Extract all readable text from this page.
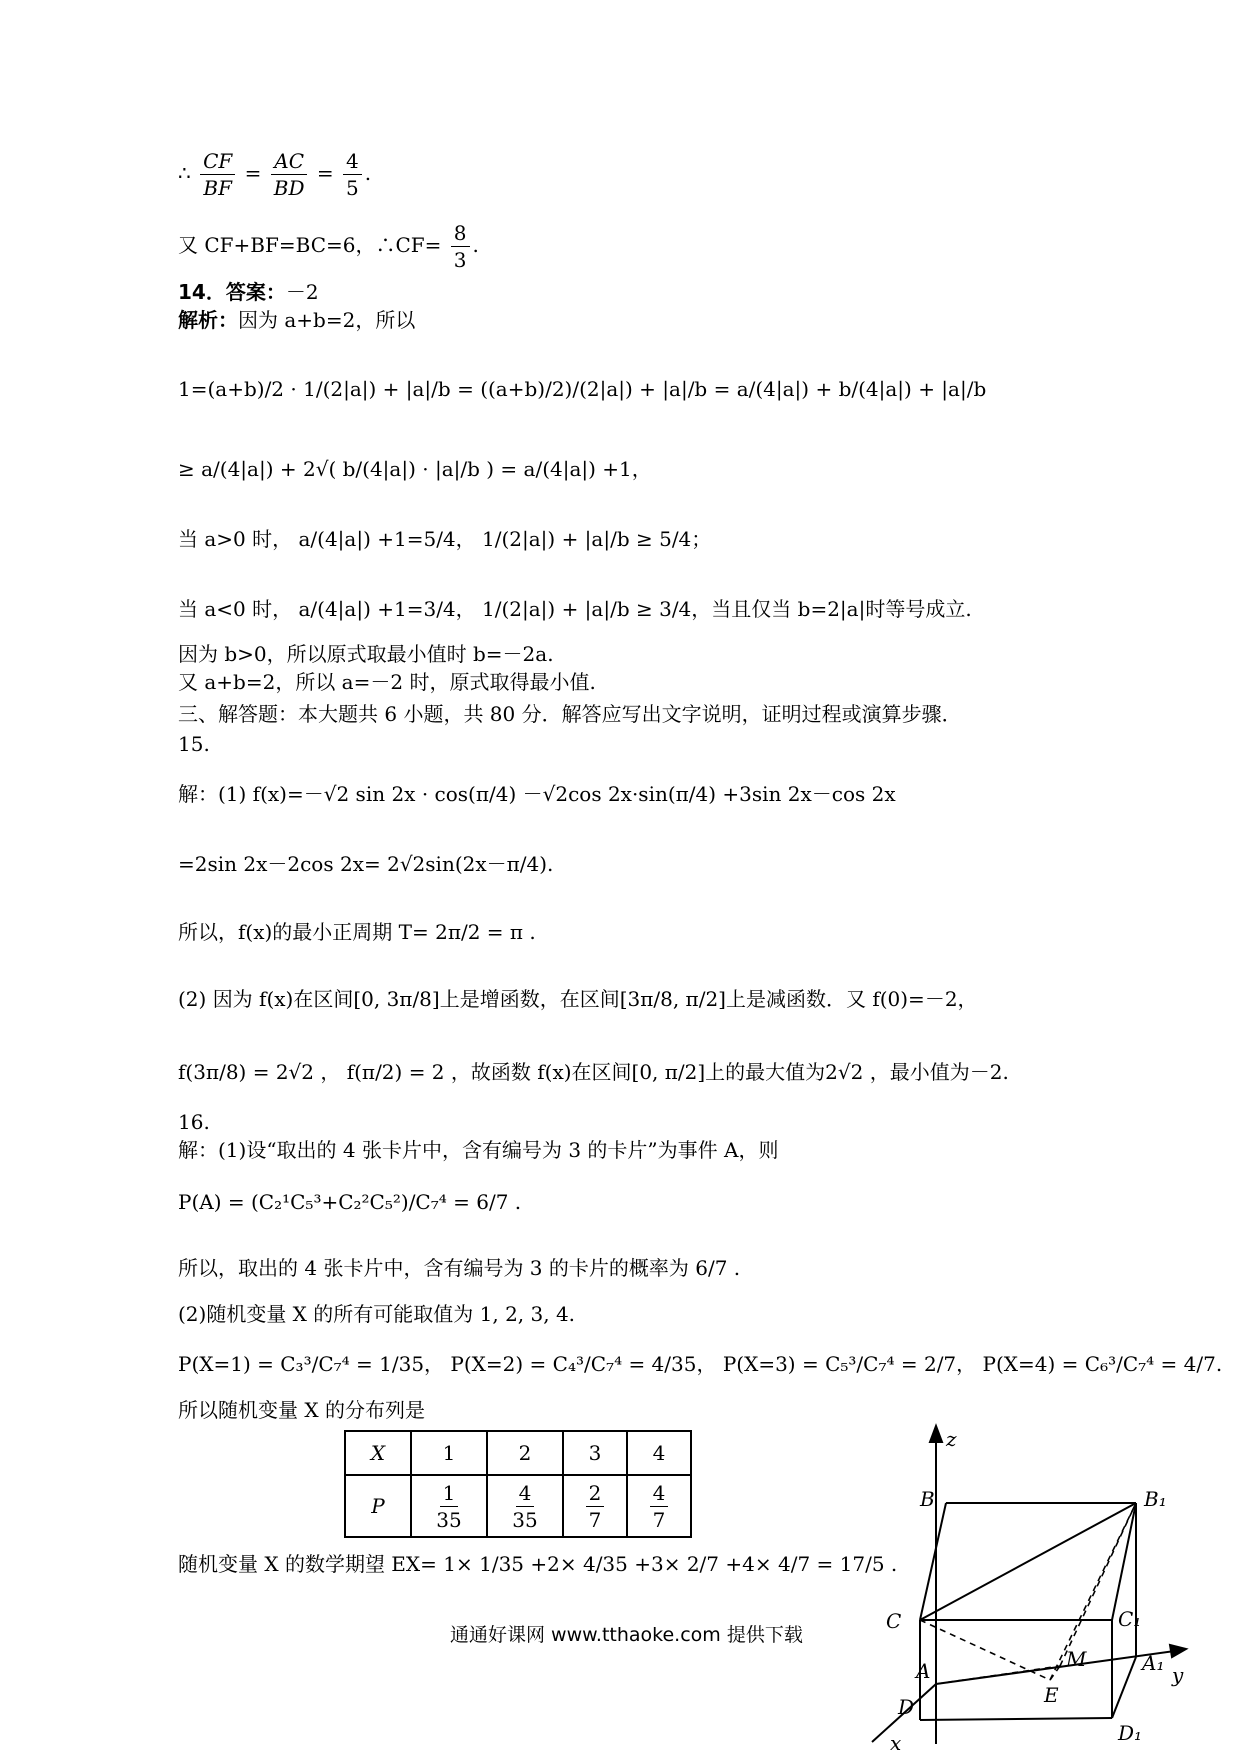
∴ $\frac{CF}{BF} = \frac{AC}{BD} = \frac{4}{5}$ .
又 CF+BF=BC=6，∴CF= $\frac{8}{3}$ .
14．答案：－2
解析：因为 a+b=2，所以
1=(a+b)/2 · 1/(2|a|) + |a|/b = ((a+b)/2)/(2|a|) + |a|/b = a/(4|a|) + b/(4|a|) + |a|/b
≥ a/(4|a|) + 2√( b/(4|a|) · |a|/b ) = a/(4|a|) +1，
当 a>0 时， a/(4|a|) +1=5/4， 1/(2|a|) + |a|/b ≥ 5/4；
当 a<0 时， a/(4|a|) +1=3/4， 1/(2|a|) + |a|/b ≥ 3/4，当且仅当 b=2|a|时等号成立.
因为 b>0，所以原式取最小值时 b=－2a.
又 a+b=2，所以 a=－2 时，原式取得最小值.
三、解答题：本大题共 6 小题，共 80 分．解答应写出文字说明，证明过程或演算步骤．
15.
解：(1) f(x)=－√2 sin 2x · cos(π/4) －√2cos 2x·sin(π/4) +3sin 2x－cos 2x
=2sin 2x－2cos 2x= 2√2sin(2x－π/4).
所以，f(x)的最小正周期 T= 2π/2 = π .
(2) 因为 f(x)在区间[0, 3π/8]上是增函数，在区间[3π/8, π/2]上是减函数．又 f(0)=－2，
f(3π/8) = 2√2 ， f(π/2) = 2 ，故函数 f(x)在区间[0, π/2]上的最大值为2√2 ，最小值为－2.
16.
解：(1)设“取出的 4 张卡片中，含有编号为 3 的卡片”为事件 A，则
P(A) = (C₂¹C₅³+C₂²C₅²)/C₇⁴ = 6/7 .
所以，取出的 4 张卡片中，含有编号为 3 的卡片的概率为 6/7 .
(2)随机变量 X 的所有可能取值为 1, 2, 3, 4.
P(X=1) = C₃³/C₇⁴ = 1/35， P(X=2) = C₄³/C₇⁴ = 4/35， P(X=3) = C₅³/C₇⁴ = 2/7， P(X=4) = C₆³/C₇⁴ = 4/7.
所以随机变量 X 的分布列是
X	1	2	3	4
P	$\frac{1}{35}$	$\frac{4}{35}$	$\frac{2}{7}$	$\frac{4}{7}$
随机变量 X 的数学期望 EX= 1× 1/35 +2× 4/35 +3× 2/7 +4× 4/7 = 17/5 .
通通好课网 www.tthaoke.com 提供下载
z
B	B₁
C	C₁
A	M	A₁
E
y
D
D₁
x
